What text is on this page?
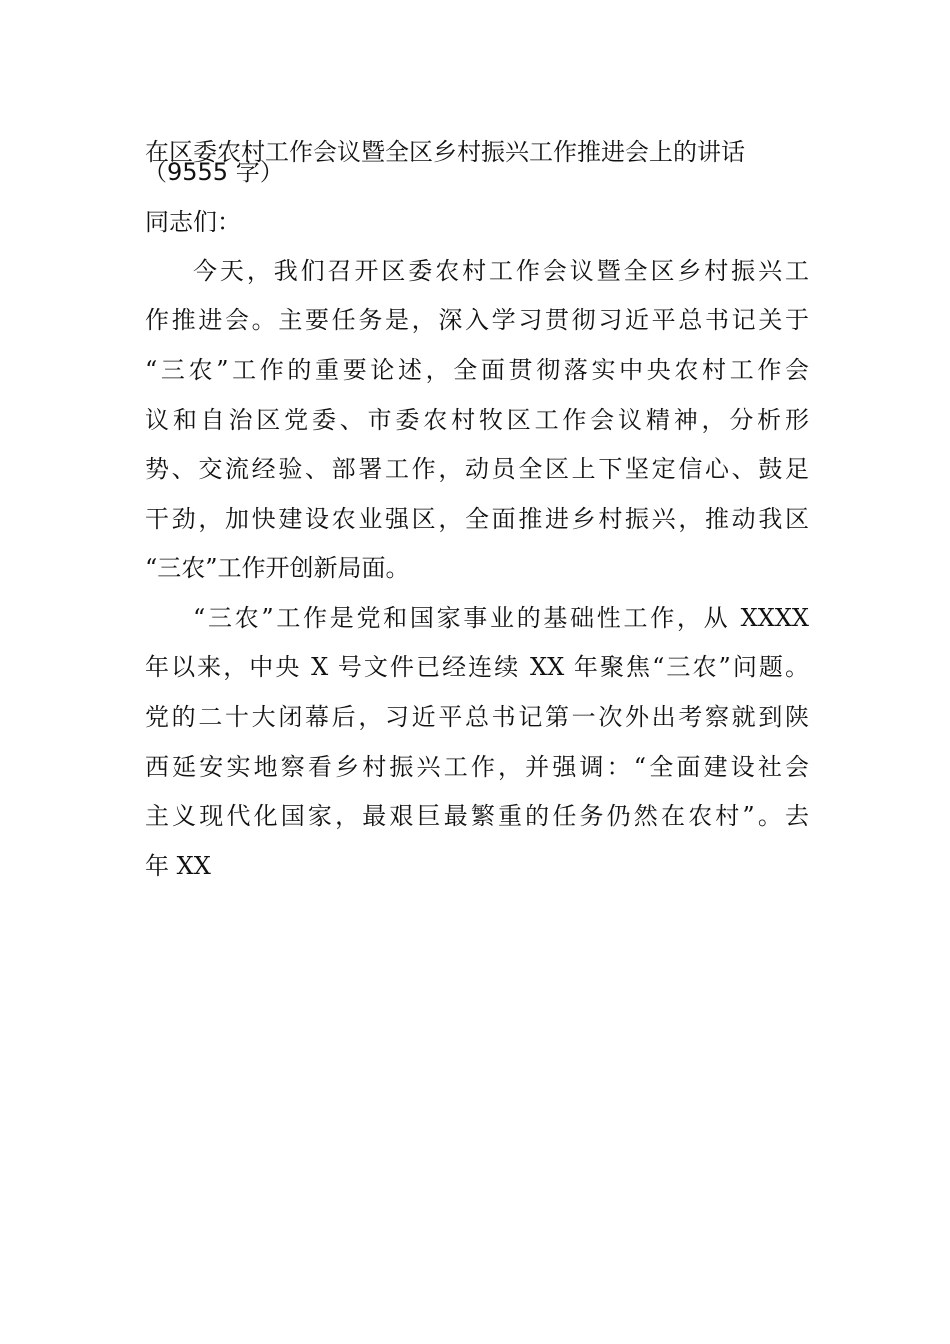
在区委农村工作会议暨全区乡村振兴工作推进会上的讲话
（9555 字）
同志们：
今天，我们召开区委农村工作会议暨全区乡村振兴工
作推进会。主要任务是，深入学习贯彻习近平总书记关于
“三农”工作的重要论述，全面贯彻落实中央农村工作会
议和自治区党委、市委农村牧区工作会议精神，分析形
势、交流经验、部署工作，动员全区上下坚定信心、鼓足
干劲，加快建设农业强区，全面推进乡村振兴，推动我区
“三农”工作开创新局面。
“三农”工作是党和国家事业的基础性工作，从 XXXX
年以来，中央 X 号文件已经连续 XX 年聚焦“三农”问题。
党的二十大闭幕后，习近平总书记第一次外出考察就到陕
西延安实地察看乡村振兴工作，并强调：“全面建设社会
主义现代化国家，最艰巨最繁重的任务仍然在农村”。去
年 XX
